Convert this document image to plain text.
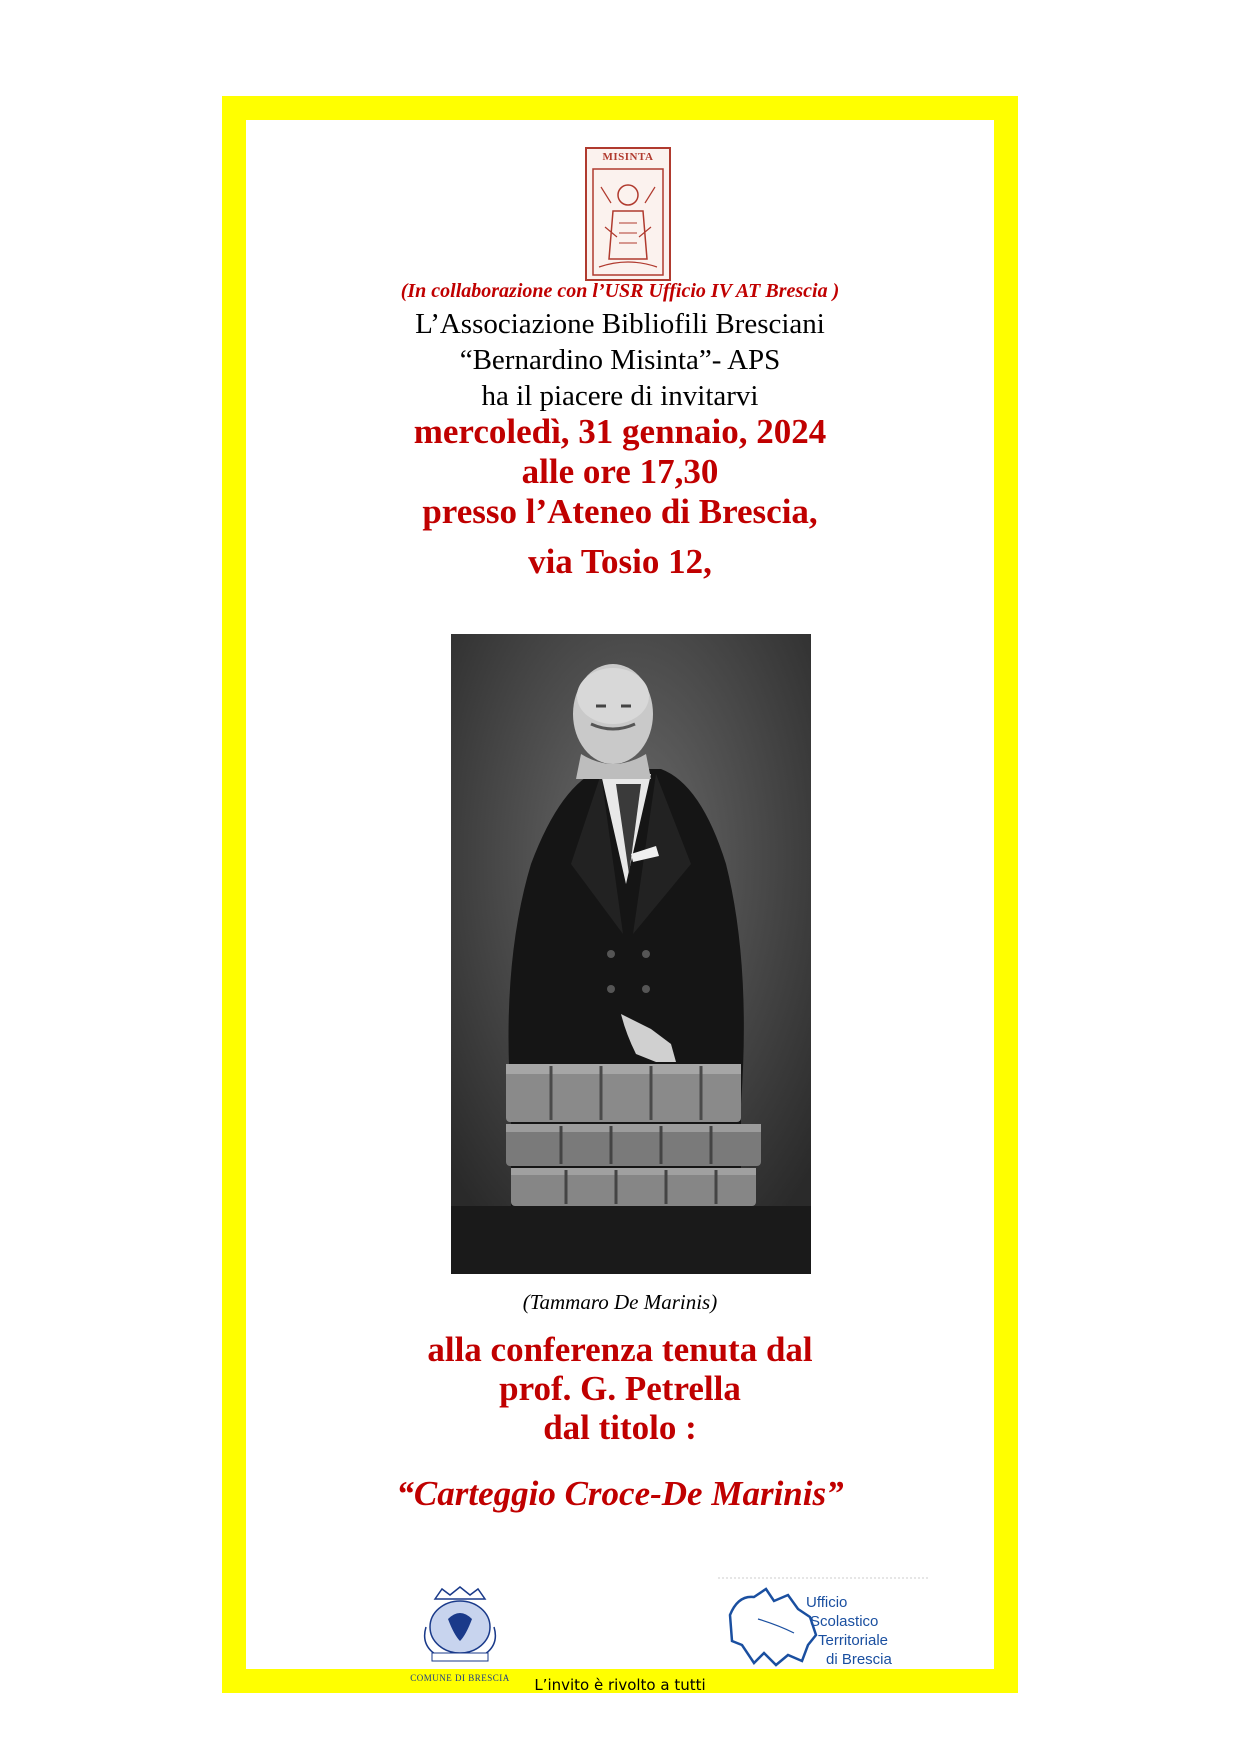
MISINTA
(In collaborazione con l’USR Ufficio IV AT Brescia )
L’Associazione Bibliofili Bresciani
“Bernardino Misinta”- APS
ha il piacere di invitarvi
mercoledì, 31 gennaio, 2024
alle ore 17,30
presso l’Ateneo di Brescia,
via Tosio 12,
(Tammaro De Marinis)
alla conferenza tenuta dal
prof. G. Petrella
dal titolo :
“Carteggio Croce-De Marinis”
COMUNE DI BRESCIA
Ufficio
Scolastico
Territoriale
di Brescia
L’invito è rivolto a tutti
